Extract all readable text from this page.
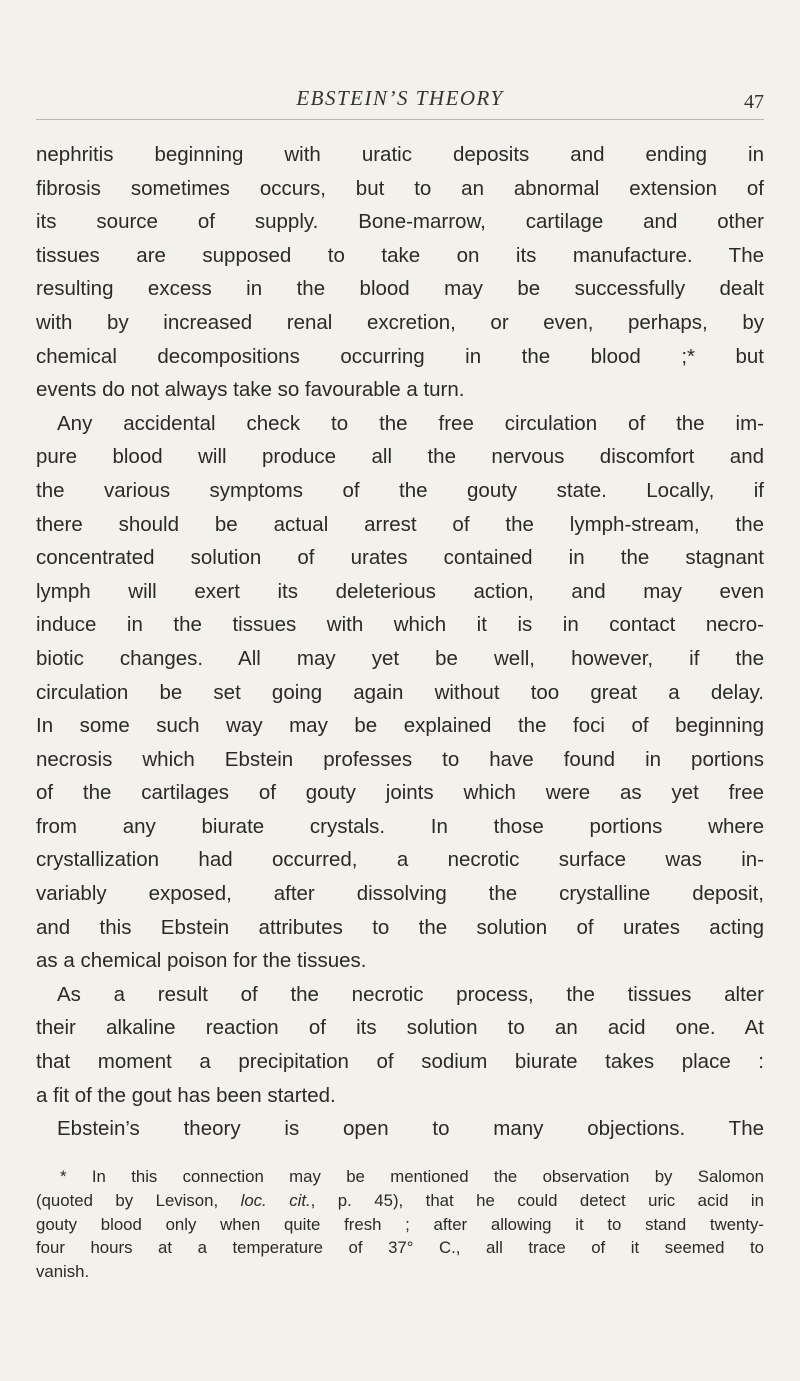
EBSTEIN’S THEORY	47
nephritis beginning with uratic deposits and ending in
fibrosis sometimes occurs, but to an abnormal extension of
its source of supply. Bone-marrow, cartilage and other
tissues are supposed to take on its manufacture. The
resulting excess in the blood may be successfully dealt
with by increased renal excretion, or even, perhaps, by
chemical decompositions occurring in the blood ;* but
events do not always take so favourable a turn.
Any accidental check to the free circulation of the im-
pure blood will produce all the nervous discomfort and
the various symptoms of the gouty state. Locally, if
there should be actual arrest of the lymph-stream, the
concentrated solution of urates contained in the stagnant
lymph will exert its deleterious action, and may even
induce in the tissues with which it is in contact necro-
biotic changes. All may yet be well, however, if the
circulation be set going again without too great a delay.
In some such way may be explained the foci of beginning
necrosis which Ebstein professes to have found in portions
of the cartilages of gouty joints which were as yet free
from any biurate crystals. In those portions where
crystallization had occurred, a necrotic surface was in-
variably exposed, after dissolving the crystalline deposit,
and this Ebstein attributes to the solution of urates acting
as a chemical poison for the tissues.
As a result of the necrotic process, the tissues alter
their alkaline reaction of its solution to an acid one. At
that moment a precipitation of sodium biurate takes place :
a fit of the gout has been started.
Ebstein’s theory is open to many objections. The
* In this connection may be mentioned the observation by Salomon
(quoted by Levison, loc. cit., p. 45), that he could detect uric acid in
gouty blood only when quite fresh ; after allowing it to stand twenty-
four hours at a temperature of 37° C., all trace of it seemed to
vanish.
